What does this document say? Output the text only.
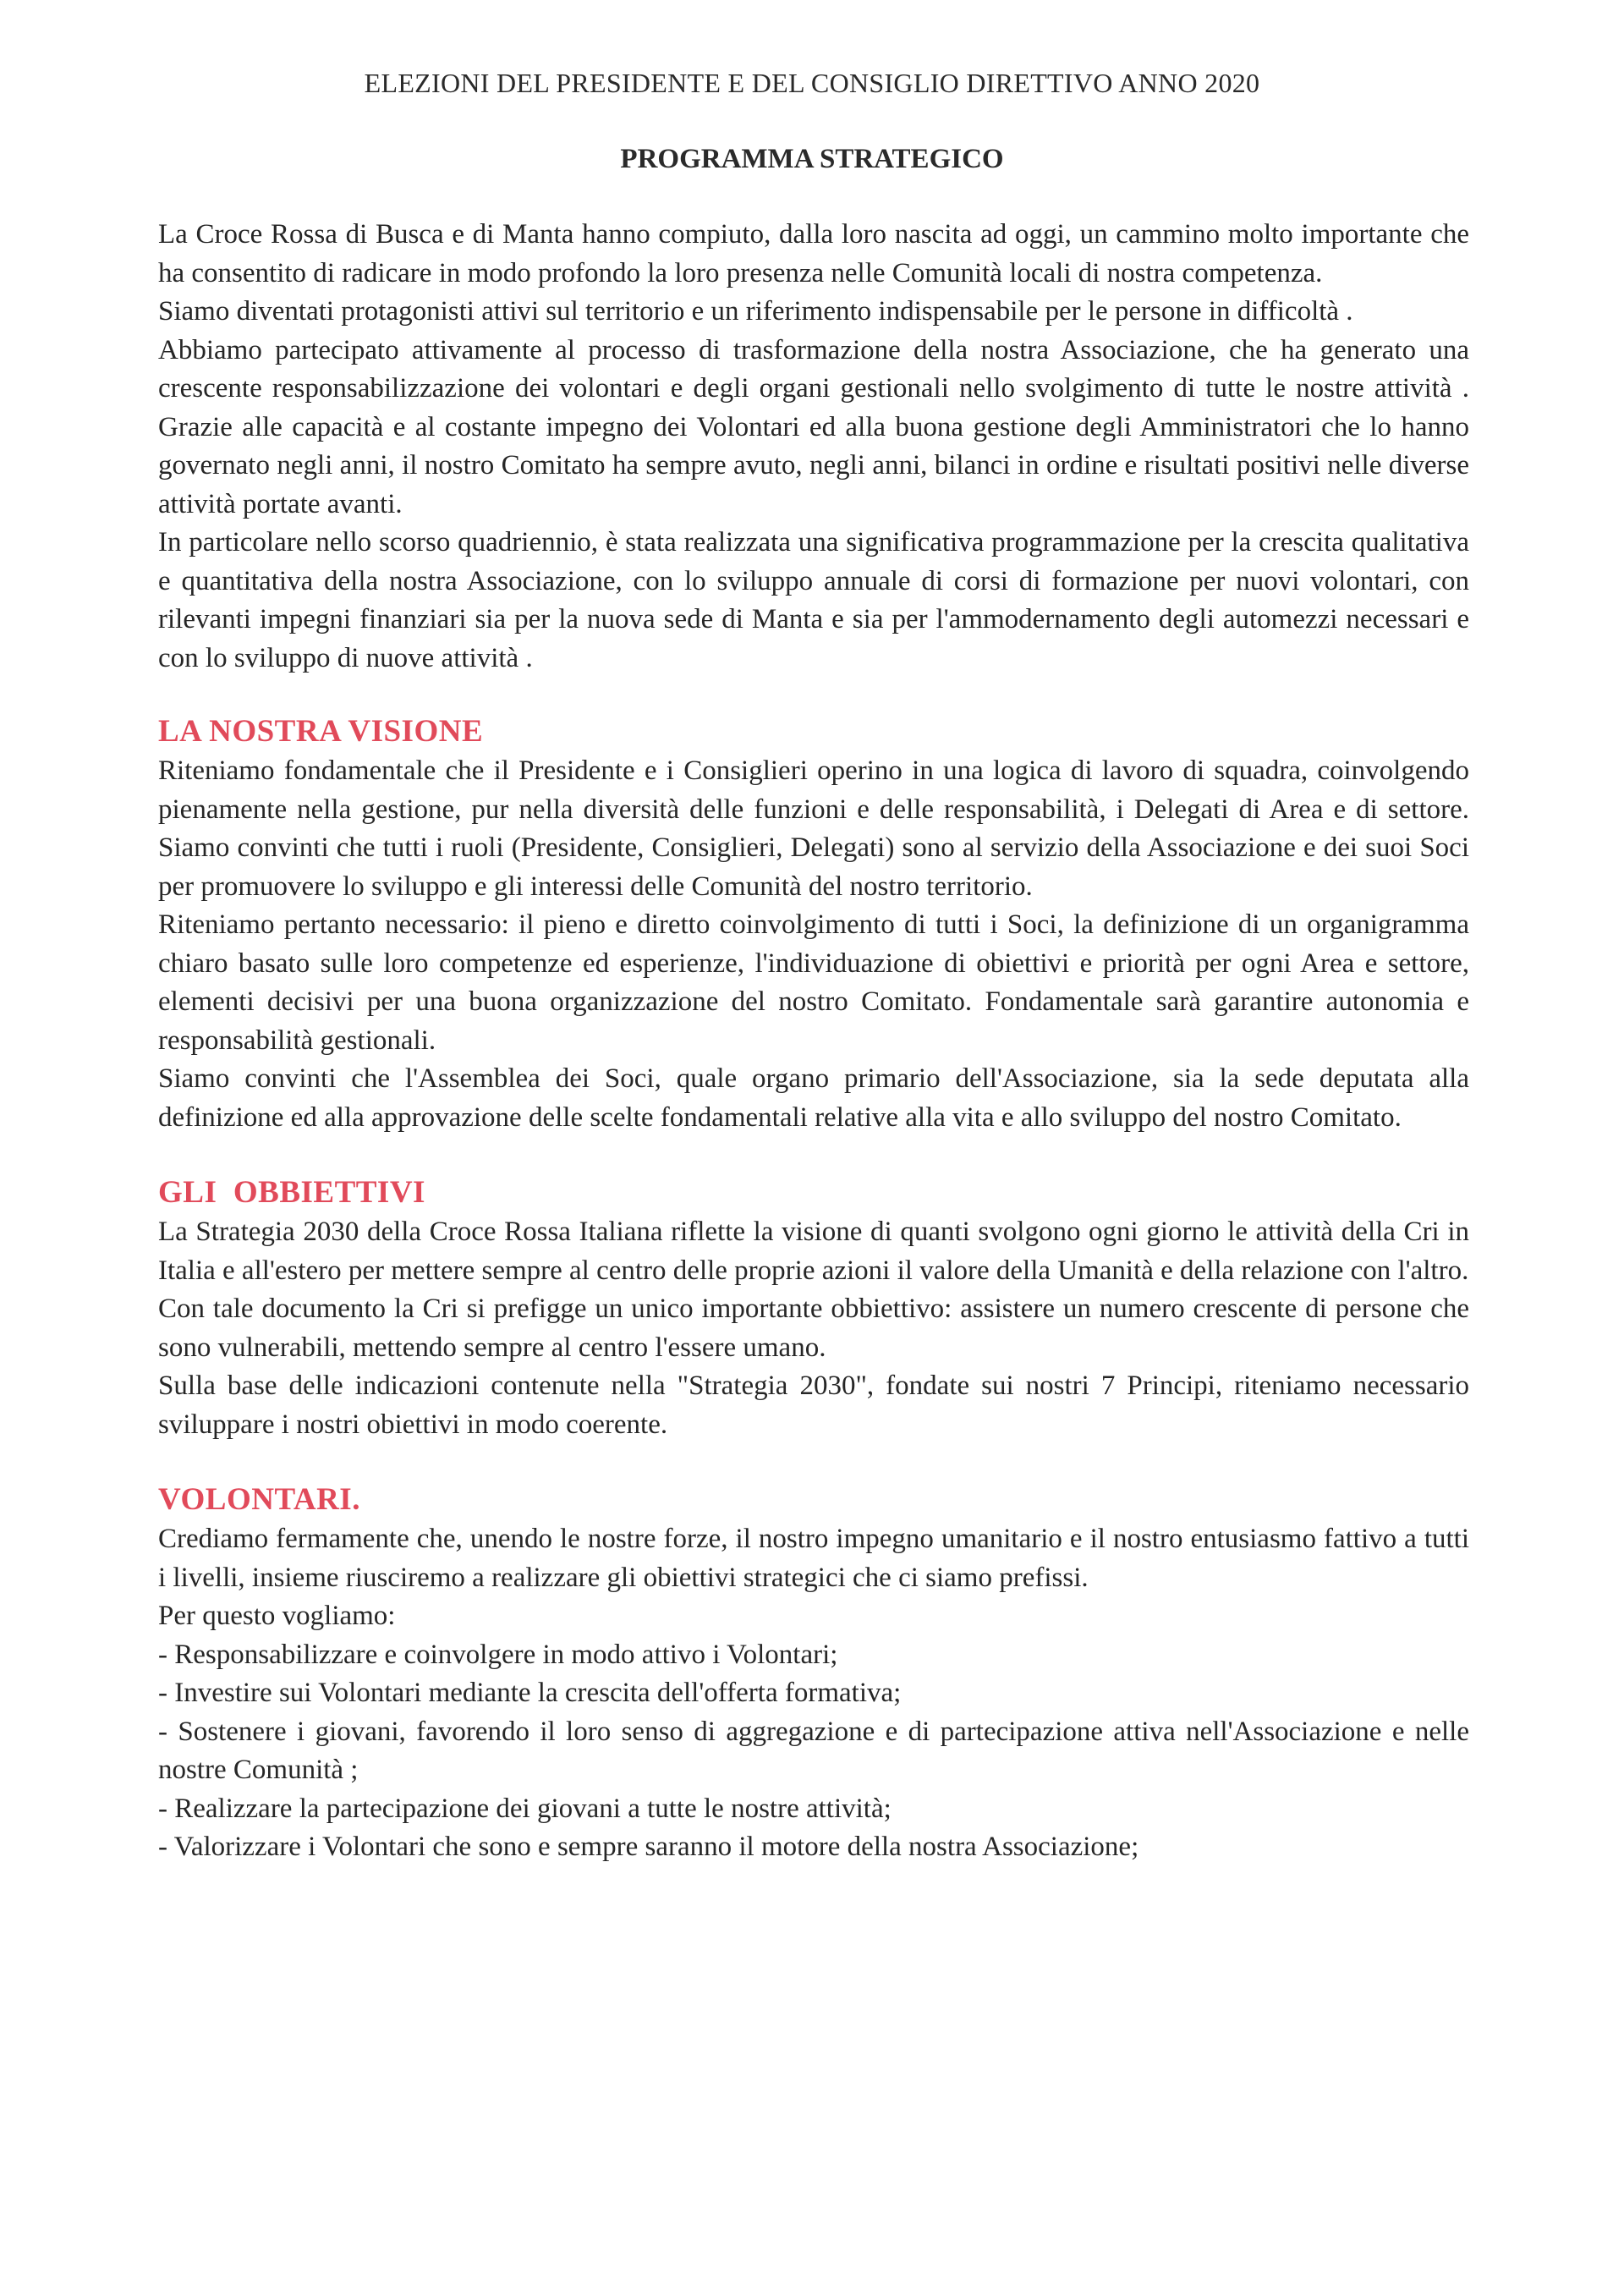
ELEZIONI DEL PRESIDENTE E DEL CONSIGLIO DIRETTIVO ANNO 2020
PROGRAMMA STRATEGICO

La Croce Rossa di Busca e di Manta hanno compiuto, dalla loro nascita ad oggi, un cammino molto importante che ha consentito di radicare in modo profondo la loro presenza nelle Comunità locali di nostra competenza.

Siamo diventati protagonisti attivi sul territorio e un riferimento indispensabile per le persone in difficoltà .

Abbiamo partecipato attivamente al processo di trasformazione della nostra Associazione, che ha generato una crescente responsabilizzazione dei volontari e degli organi gestionali nello svolgimento di tutte le nostre attività . Grazie alle capacità e al costante impegno dei Volontari ed alla buona gestione degli Amministratori che lo hanno governato negli anni, il nostro Comitato ha sempre avuto, negli anni, bilanci in ordine e risultati positivi nelle diverse attività portate avanti.

In particolare nello scorso quadriennio, è stata realizzata una significativa programmazione per la crescita qualitativa e quantitativa della nostra Associazione, con lo sviluppo annuale di corsi di formazione per nuovi volontari, con rilevanti impegni finanziari sia per la nuova sede di Manta e sia per l'ammodernamento degli automezzi necessari e con lo sviluppo di nuove attività .

LA NOSTRA VISIONE

Riteniamo fondamentale che il Presidente e i Consiglieri operino in una logica di lavoro di squadra, coinvolgendo pienamente nella gestione, pur nella diversità delle funzioni e delle responsabilità, i Delegati di Area e di settore. Siamo convinti che tutti i ruoli (Presidente, Consiglieri, Delegati) sono al servizio della Associazione e dei suoi Soci per promuovere lo sviluppo e gli interessi delle Comunità del nostro territorio.

Riteniamo pertanto necessario: il pieno e diretto coinvolgimento di tutti i Soci, la definizione di un organigramma chiaro basato sulle loro competenze ed esperienze, l'individuazione di obiettivi e priorità per ogni Area e settore, elementi decisivi per una buona organizzazione del nostro Comitato. Fondamentale sarà garantire autonomia e responsabilità gestionali.

Siamo convinti che l'Assemblea dei Soci, quale organo primario dell'Associazione, sia la sede deputata alla definizione ed alla approvazione delle scelte fondamentali relative alla vita e allo sviluppo del nostro Comitato.

GLI  OBBIETTIVI

La Strategia 2030 della Croce Rossa Italiana riflette la visione di quanti svolgono ogni giorno le attività della Cri in Italia e all'estero per mettere sempre al centro delle proprie azioni il valore della Umanità e della relazione con l'altro.

Con tale documento la Cri si prefigge un unico importante obbiettivo: assistere un numero crescente di persone che sono vulnerabili, mettendo sempre al centro l'essere umano.

Sulla base delle indicazioni contenute nella "Strategia 2030", fondate sui nostri 7 Principi, riteniamo necessario sviluppare i nostri obiettivi in modo coerente.

VOLONTARI.

Crediamo fermamente che, unendo le nostre forze, il nostro impegno umanitario e il nostro entusiasmo fattivo a tutti i livelli, insieme riusciremo a realizzare gli obiettivi strategici che ci siamo prefissi.

Per questo vogliamo:

- Responsabilizzare e coinvolgere in modo attivo i Volontari;
- Investire sui Volontari mediante la crescita dell'offerta formativa;
- Sostenere i giovani, favorendo il loro senso di aggregazione e di partecipazione attiva nell'Associazione e nelle nostre Comunità ;
- Realizzare la partecipazione dei giovani a tutte le nostre attività;
- Valorizzare i Volontari che sono e sempre saranno il motore della nostra Associazione;
